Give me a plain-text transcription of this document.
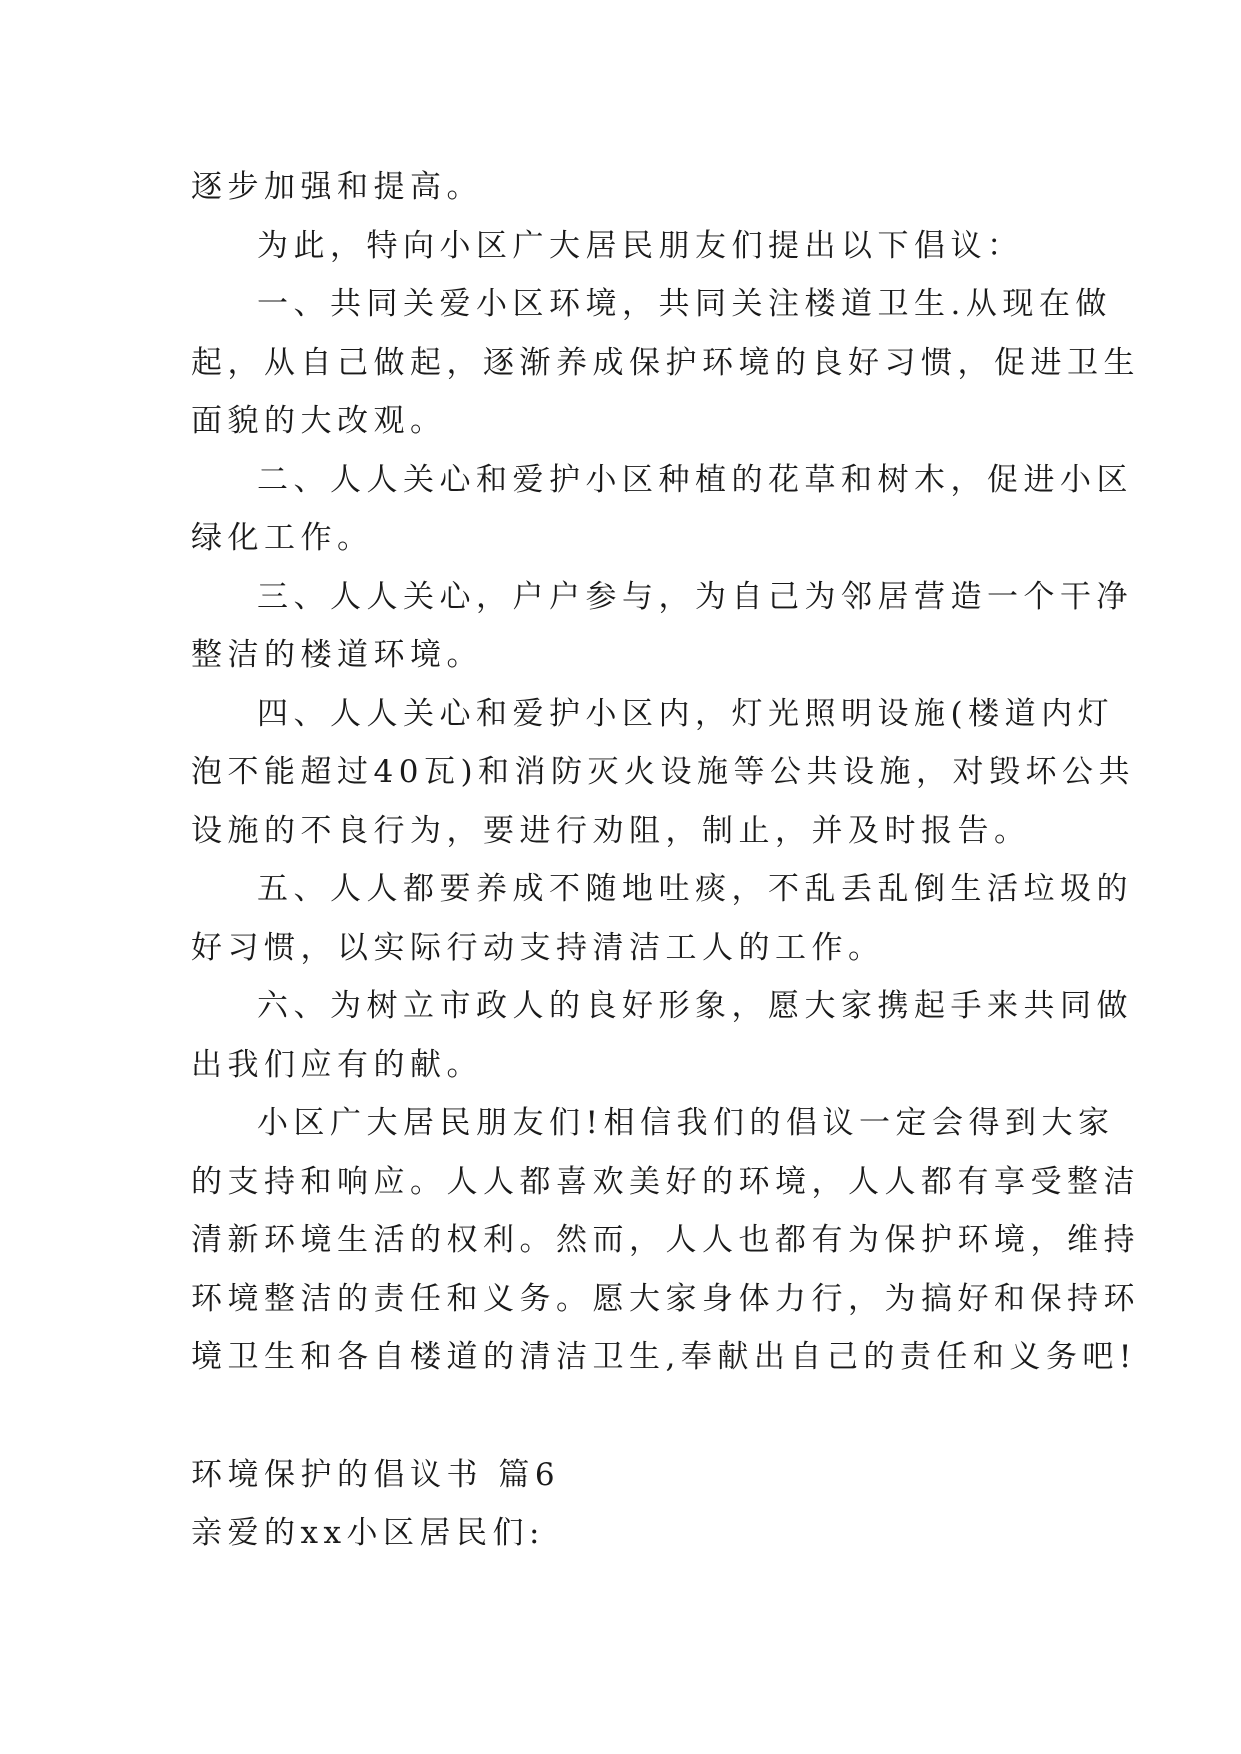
逐步加强和提高。
为此，特向小区广大居民朋友们提出以下倡议：
一、共同关爱小区环境，共同关注楼道卫生.从现在做
起，从自己做起，逐渐养成保护环境的良好习惯，促进卫生
面貌的大改观。
二、人人关心和爱护小区种植的花草和树木，促进小区
绿化工作。
三、人人关心，户户参与，为自己为邻居营造一个干净
整洁的楼道环境。
四、人人关心和爱护小区内，灯光照明设施(楼道内灯
泡不能超过40瓦)和消防灭火设施等公共设施，对毁坏公共
设施的不良行为，要进行劝阻，制止，并及时报告。
五、人人都要养成不随地吐痰，不乱丢乱倒生活垃圾的
好习惯，以实际行动支持清洁工人的工作。
六、为树立市政人的良好形象，愿大家携起手来共同做
出我们应有的献。
小区广大居民朋友们!相信我们的倡议一定会得到大家
的支持和响应。人人都喜欢美好的环境，人人都有享受整洁
清新环境生活的权利。然而，人人也都有为保护环境，维持
环境整洁的责任和义务。愿大家身体力行，为搞好和保持环
境卫生和各自楼道的清洁卫生,奉献出自己的责任和义务吧!
环境保护的倡议书 篇6
亲爱的xx小区居民们:
